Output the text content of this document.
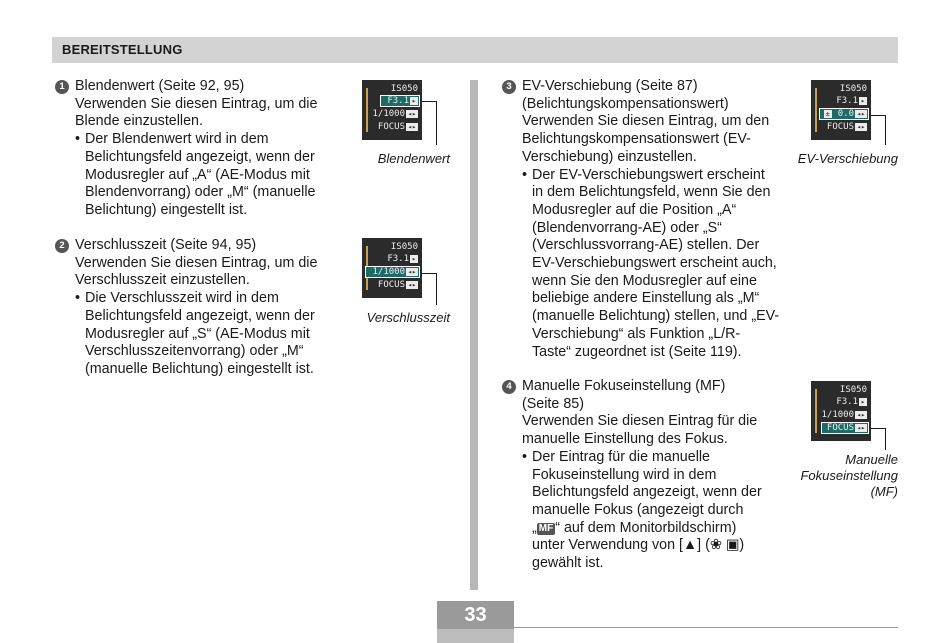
BEREITSTELLUNG
1 Blendenwert (Seite 92, 95)
Verwenden Sie diesen Eintrag, um die
Blende einzustellen.
• Der Blendenwert wird in dem
Belichtungsfeld angezeigt, wenn der
Modusregler auf „A“ (AE-Modus mit
Blendenvorrang) oder „M“ (manuelle
Belichtung) eingestellt ist.
IS050
F3.1 ▸
1/1000 ◂▸
FOCUS ◂▸
Blendenwert
2 Verschlusszeit (Seite 94, 95)
Verwenden Sie diesen Eintrag, um die
Verschlusszeit einzustellen.
• Die Verschlusszeit wird in dem
Belichtungsfeld angezeigt, wenn der
Modusregler auf „S“ (AE-Modus mit
Verschlusszeitenvorrang) oder „M“
(manuelle Belichtung) eingestellt ist.
IS050
F3.1 ▸
1/1000 ◂▸
FOCUS ◂▸
Verschlusszeit
3 EV-Verschiebung (Seite 87)
(Belichtungskompensationswert)
Verwenden Sie diesen Eintrag, um den
Belichtungskompensationswert (EV-
Verschiebung) einzustellen.
• Der EV-Verschiebungswert erscheint
in dem Belichtungsfeld, wenn Sie den
Modusregler auf die Position „A“
(Blendenvorrang-AE) oder „S“
(Verschlussvorrang-AE) stellen. Der
EV-Verschiebungswert erscheint auch,
wenn Sie den Modusregler auf eine
beliebige andere Einstellung als „M“
(manuelle Belichtung) stellen, und „EV-
Verschiebung“ als Funktion „L/R-
Taste“ zugeordnet ist (Seite 119).
IS050
F3.1 ▸
± 0.0 ◂▸
FOCUS ◂▸
EV-Verschiebung
4 Manuelle Fokuseinstellung (MF)
(Seite 85)
Verwenden Sie diesen Eintrag für die
manuelle Einstellung des Fokus.
• Der Eintrag für die manuelle
Fokuseinstellung wird in dem
Belichtungsfeld angezeigt, wenn der
manuelle Fokus (angezeigt durch
„ MF “ auf dem Monitorbildschirm)
unter Verwendung von [▲] (❀ ▣)
gewählt ist.
IS050
F3.1 ▸
1/1000 ◂▸
FOCUS ◂▸
Manuelle
Fokuseinstellung
(MF)
33
